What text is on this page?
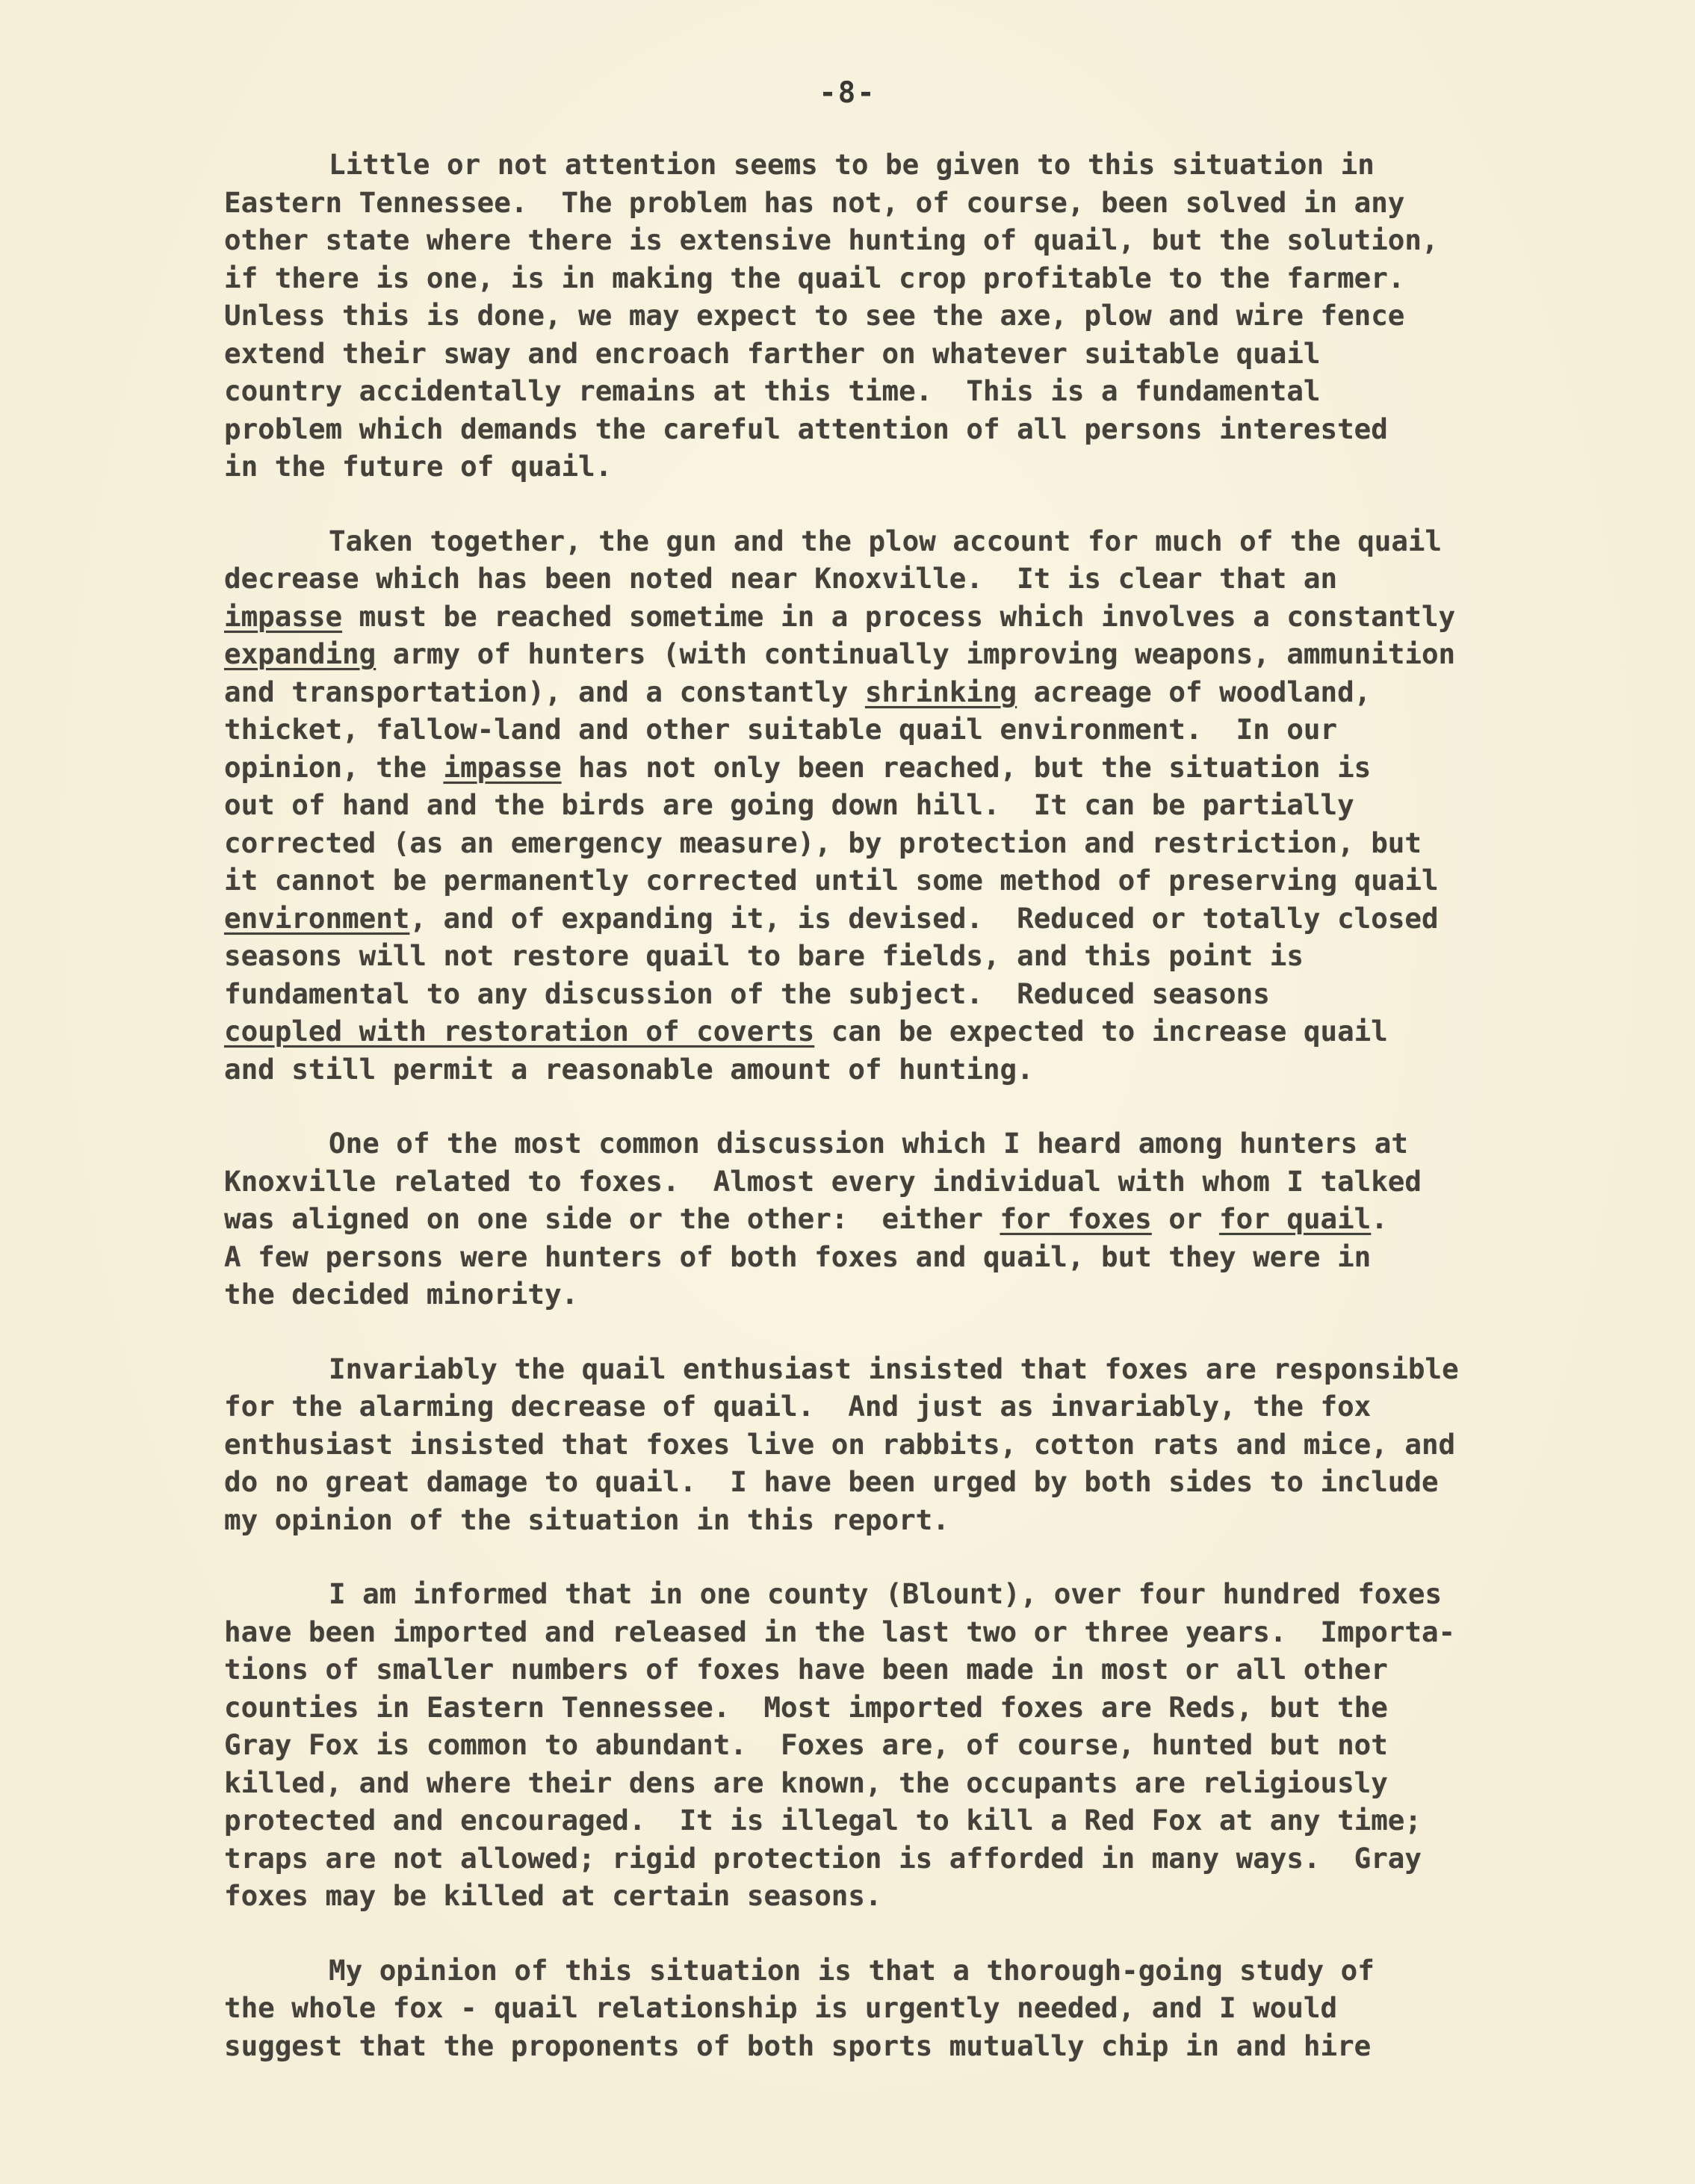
-8-

Little or not attention seems to be given to this situation in
Eastern Tennessee.  The problem has not, of course, been solved in any
other state where there is extensive hunting of quail, but the solution,
if there is one, is in making the quail crop profitable to the farmer.
Unless this is done, we may expect to see the axe, plow and wire fence
extend their sway and encroach farther on whatever suitable quail
country accidentally remains at this time.  This is a fundamental
problem which demands the careful attention of all persons interested
in the future of quail.
Taken together, the gun and the plow account for much of the quail
decrease which has been noted near Knoxville.  It is clear that an
impasse must be reached sometime in a process which involves a constantly
expanding army of hunters (with continually improving weapons, ammunition
and transportation), and a constantly shrinking acreage of woodland,
thicket, fallow-land and other suitable quail environment.  In our
opinion, the impasse has not only been reached, but the situation is
out of hand and the birds are going down hill.  It can be partially
corrected (as an emergency measure), by protection and restriction, but
it cannot be permanently corrected until some method of preserving quail
environment, and of expanding it, is devised.  Reduced or totally closed
seasons will not restore quail to bare fields, and this point is
fundamental to any discussion of the subject.  Reduced seasons
coupled with restoration of coverts can be expected to increase quail
and still permit a reasonable amount of hunting.
One of the most common discussion which I heard among hunters at
Knoxville related to foxes.  Almost every individual with whom I talked
was aligned on one side or the other:  either for foxes or for quail.
A few persons were hunters of both foxes and quail, but they were in
the decided minority.
Invariably the quail enthusiast insisted that foxes are responsible
for the alarming decrease of quail.  And just as invariably, the fox
enthusiast insisted that foxes live on rabbits, cotton rats and mice, and
do no great damage to quail.  I have been urged by both sides to include
my opinion of the situation in this report.
I am informed that in one county (Blount), over four hundred foxes
have been imported and released in the last two or three years.  Importa-
tions of smaller numbers of foxes have been made in most or all other
counties in Eastern Tennessee.  Most imported foxes are Reds, but the
Gray Fox is common to abundant.  Foxes are, of course, hunted but not
killed, and where their dens are known, the occupants are religiously
protected and encouraged.  It is illegal to kill a Red Fox at any time;
traps are not allowed; rigid protection is afforded in many ways.  Gray
foxes may be killed at certain seasons.
My opinion of this situation is that a thorough-going study of
the whole fox - quail relationship is urgently needed, and I would
suggest that the proponents of both sports mutually chip in and hire
